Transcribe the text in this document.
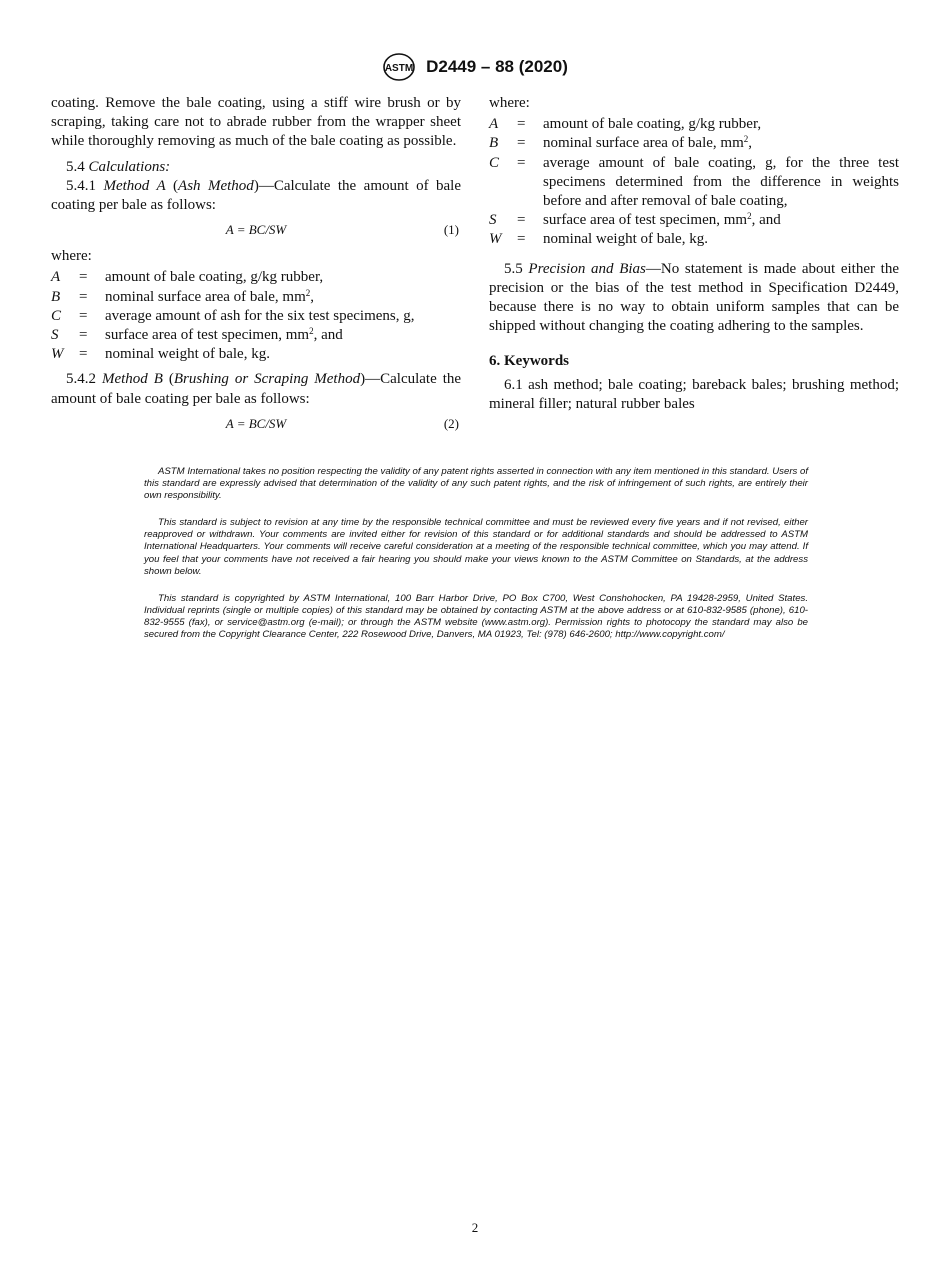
ASTM D2449 – 88 (2020)

coating. Remove the bale coating, using a stiff wire brush or by scraping, taking care not to abrade rubber from the wrapper sheet while thoroughly removing as much of the bale coating as possible.

5.4 Calculations:

5.4.1 Method A (Ash Method)—Calculate the amount of bale coating per bale as follows:

A = BC/SW	(1)

where:

A	=	amount of bale coating, g/kg rubber,
B	=	nominal surface area of bale, $mm^2$,
C	=	average amount of ash for the six test specimens, g,
S	=	surface area of test specimen, $mm^2$, and
W	=	nominal weight of bale, kg.

5.4.2 Method B (Brushing or Scraping Method)—Calculate the amount of bale coating per bale as follows:

A = BC/SW	(2)

where:

A	=	amount of bale coating, g/kg rubber,
B	=	nominal surface area of bale, $mm^2$,
C	=	average amount of bale coating, g, for the three test specimens determined from the difference in weights before and after removal of bale coating,
S	=	surface area of test specimen, $mm^2$, and
W	=	nominal weight of bale, kg.

5.5 Precision and Bias—No statement is made about either the precision or the bias of the test method in Specification D2449, because there is no way to obtain uniform samples that can be shipped without changing the coating adhering to the samples.

6. Keywords

6.1 ash method; bale coating; bareback bales; brushing method; mineral filler; natural rubber bales

ASTM International takes no position respecting the validity of any patent rights asserted in connection with any item mentioned in this standard. Users of this standard are expressly advised that determination of the validity of any such patent rights, and the risk of infringement of such rights, are entirely their own responsibility.

This standard is subject to revision at any time by the responsible technical committee and must be reviewed every five years and if not revised, either reapproved or withdrawn. Your comments are invited either for revision of this standard or for additional standards and should be addressed to ASTM International Headquarters. Your comments will receive careful consideration at a meeting of the responsible technical committee, which you may attend. If you feel that your comments have not received a fair hearing you should make your views known to the ASTM Committee on Standards, at the address shown below.

This standard is copyrighted by ASTM International, 100 Barr Harbor Drive, PO Box C700, West Conshohocken, PA 19428-2959, United States. Individual reprints (single or multiple copies) of this standard may be obtained by contacting ASTM at the above address or at 610-832-9585 (phone), 610-832-9555 (fax), or service@astm.org (e-mail); or through the ASTM website (www.astm.org). Permission rights to photocopy the standard may also be secured from the Copyright Clearance Center, 222 Rosewood Drive, Danvers, MA 01923, Tel: (978) 646-2600; http://www.copyright.com/

2
